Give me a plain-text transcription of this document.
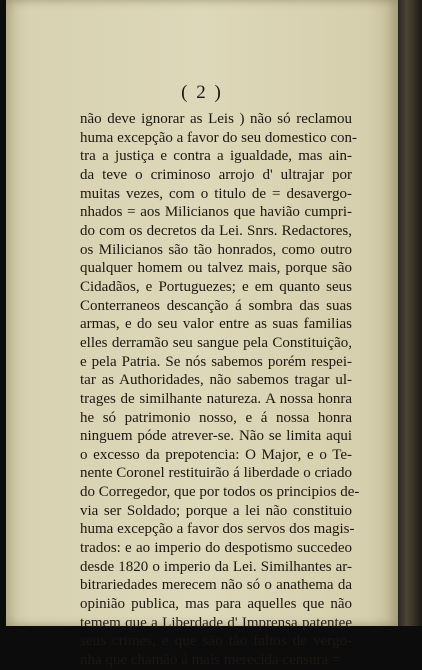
( 2 )
não deve ignorar as Leis ) não só reclamou
huma excepção a favor do seu domestico con-
tra a justiça e contra a igualdade, mas ain-
da teve o criminoso arrojo d' ultrajar por
muitas vezes, com o titulo de = desavergo-
nhados = aos Milicianos que havião cumpri-
do com os decretos da Lei. Snrs. Redactores,
os Milicianos são tão honrados, como outro
qualquer homem ou talvez mais, porque são
Cidadãos, e Portuguezes; e em quanto seus
Conterraneos descanção á sombra das suas
armas, e do seu valor entre as suas familias
elles derramão seu sangue pela Constituição,
e pela Patria. Se nós sabemos porém respei-
tar as Authoridades, não sabemos tragar ul-
trages de similhante natureza. A nossa honra
he só patrimonio nosso, e á nossa honra
ninguem póde atrever-se. Não se limita aqui
o excesso da prepotencia: O Major, e o Te-
nente Coronel restituirão á liberdade o criado
do Corregedor, que por todos os principios de-
via ser Soldado; porque a lei não constituio
huma excepção a favor dos servos dos magis-
trados: e ao imperio do despotismo succedeo
desde 1820 o imperio da Lei. Similhantes ar-
bitrariedades merecem não só o anathema da
opinião publica, mas para aquelles que não
temem que a Liberdade d' Imprensa patentee
seus crimes, e que são tão faltos de vergo-
nha que chamão á mais merecida censura =
